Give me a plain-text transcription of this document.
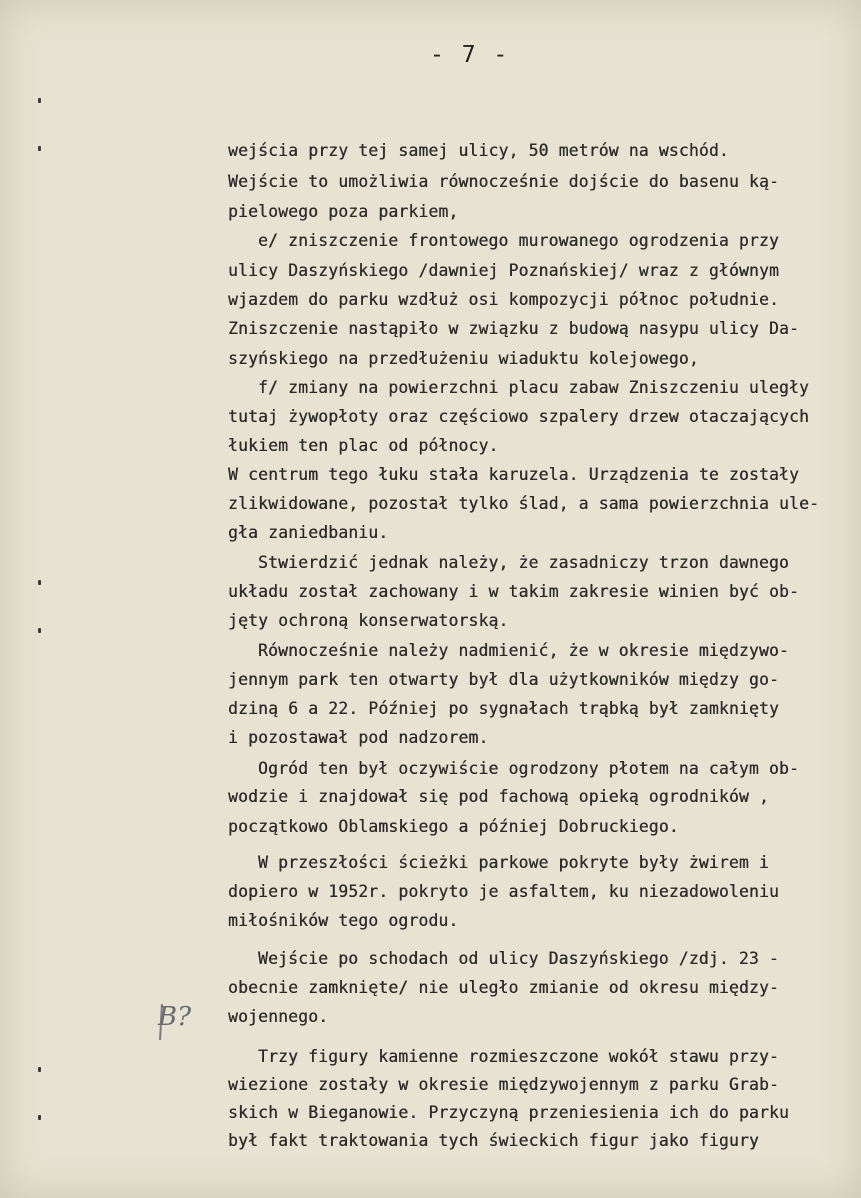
- 7 -
B?
wejścia przy tej samej ulicy, 50 metrów na wschód.
Wejście to umożliwia równocześnie dojście do basenu ką-
pielowego poza parkiem,
e/ zniszczenie frontowego murowanego ogrodzenia przy
ulicy Daszyńskiego /dawniej Poznańskiej/ wraz z głównym
wjazdem do parku wzdłuż osi kompozycji północ południe.
Zniszczenie nastąpiło w związku z budową nasypu ulicy Da-
szyńskiego na przedłużeniu wiaduktu kolejowego,
f/ zmiany na powierzchni placu zabaw Zniszczeniu uległy
tutaj żywopłoty oraz częściowo szpalery drzew otaczających
łukiem ten plac od północy.
W centrum tego łuku stała karuzela. Urządzenia te zostały
zlikwidowane, pozostał tylko ślad, a sama powierzchnia ule-
gła zaniedbaniu.
Stwierdzić jednak należy, że zasadniczy trzon dawnego
układu został zachowany i w takim zakresie winien być ob-
jęty ochroną konserwatorską.
Równocześnie należy nadmienić, że w okresie międzywo-
jennym park ten otwarty był dla użytkowników między go-
dziną 6 a 22. Później po sygnałach trąbką był zamknięty
i pozostawał pod nadzorem.
Ogród ten był oczywiście ogrodzony płotem na całym ob-
wodzie i znajdował się pod fachową opieką ogrodników ,
początkowo Oblamskiego a później Dobruckiego.
W przeszłości ścieżki parkowe pokryte były żwirem i
dopiero w 1952r. pokryto je asfaltem, ku niezadowoleniu
miłośników tego ogrodu.
Wejście po schodach od ulicy Daszyńskiego /zdj. 23 -
obecnie zamknięte/ nie uległo zmianie od okresu między-
wojennego.
Trzy figury kamienne rozmieszczone wokół stawu przy-
wiezione zostały w okresie międzywojennym z parku Grab-
skich w Bieganowie. Przyczyną przeniesienia ich do parku
był fakt traktowania tych świeckich figur jako figury
